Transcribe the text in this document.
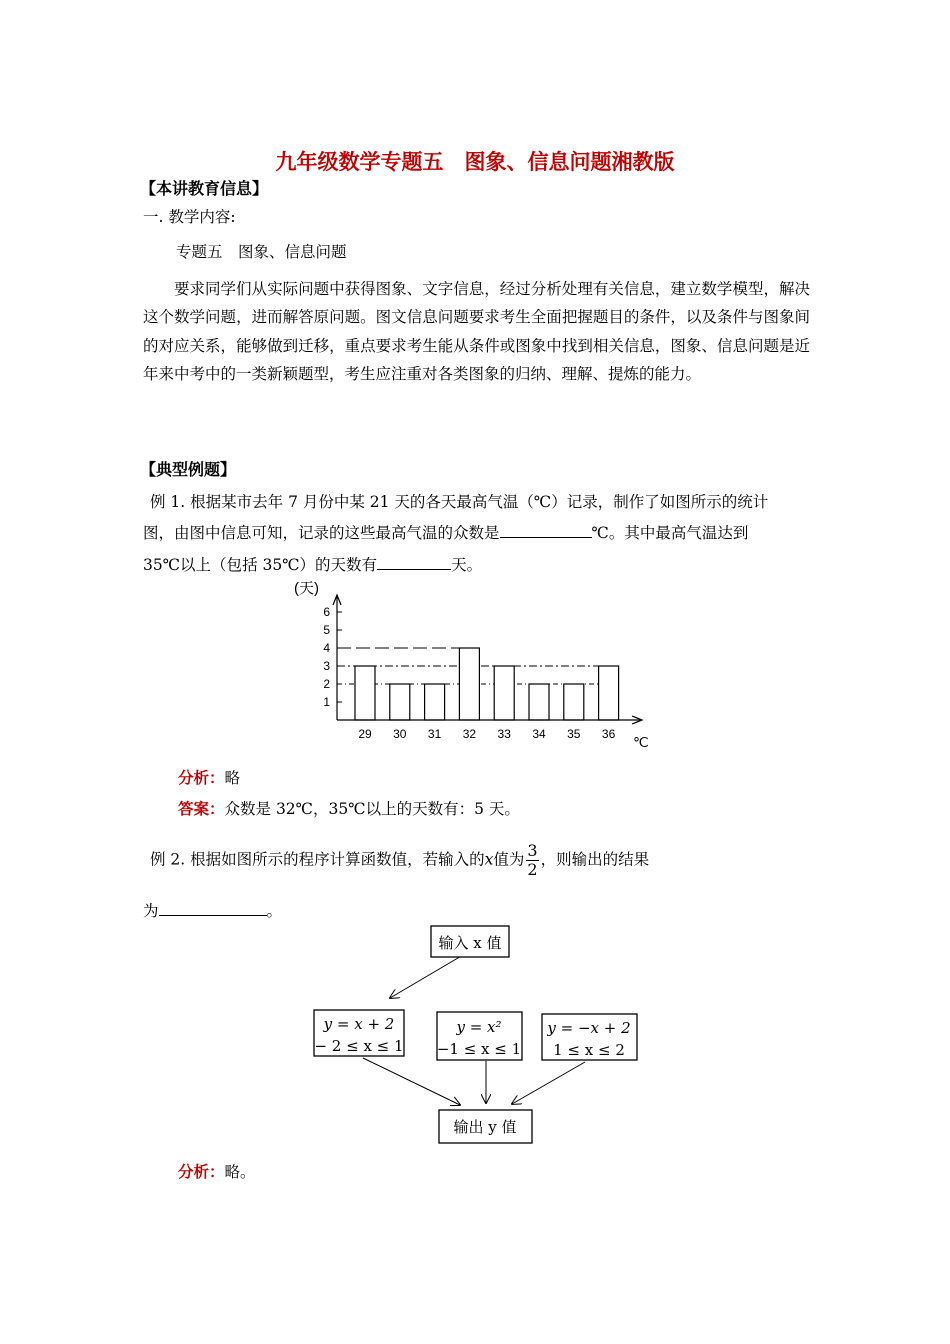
九年级数学专题五　图象、信息问题湘教版
【本讲教育信息】
一. 教学内容:
专题五　图象、信息问题
要求同学们从实际问题中获得图象、文字信息，经过分析处理有关信息，建立数学模型，解决这个数学问题，进而解答原问题。图文信息问题要求考生全面把握题目的条件，以及条件与图象间的对应关系，能够做到迁移，重点要求考生能从条件或图象中找到相关信息，图象、信息问题是近年来中考中的一类新颖题型，考生应注重对各类图象的归纳、理解、提炼的能力。
【典型例题】
例 1. 根据某市去年 7 月份中某 21 天的各天最高气温（℃）记录，制作了如图所示的统计
图，由图中信息可知，记录的这些最高气温的众数是	℃。其中最高气温达到
35℃以上（包括 35℃）的天数有	天。
(天)
℃
1
2
3
4
5
6
29 30 31 32 33 34 35 36
分析：略
答案：众数是 32℃，35℃以上的天数有：5 天。
例 2. 根据如图所示的程序计算函数值，若输入的x值为 $\frac{3}{2}$ ，则输出的结果
为	。
输入 x 值
y = x + 2
− 2 ≤ x ≤ 1
y = x²
−1 ≤ x ≤ 1
y = −x + 2
1 ≤ x ≤ 2
输出 y 值
分析：略。
